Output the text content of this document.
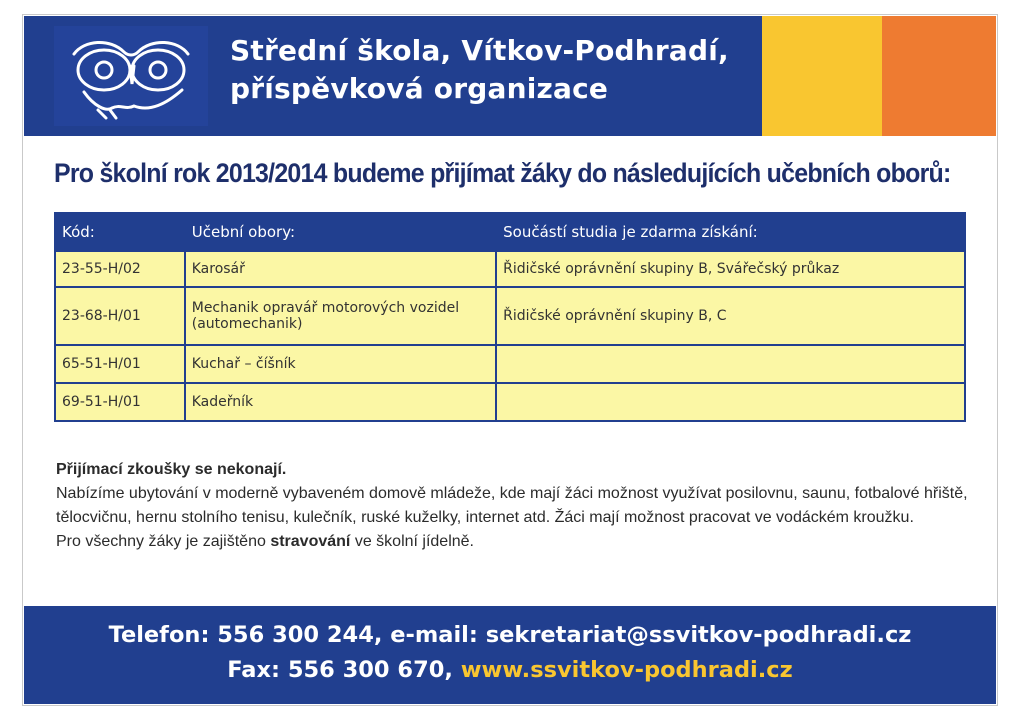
Střední škola, Vítkov-Podhradí,
příspěvková organizace
Pro školní rok 2013/2014 budeme přijímat žáky do následujících učebních oborů:
Kód:	Učební obory:	Součástí studia je zdarma získání:
23-55-H/02	Karosář	Řidičské oprávnění skupiny B, Svářečský průkaz
23-68-H/01	Mechanik opravář motorových vozidel (automechanik)	Řidičské oprávnění skupiny B, C
65-51-H/01	Kuchař – číšník	
69-51-H/01	Kadeřník	
Přijímací zkoušky se nekonají.
Nabízíme ubytování v moderně vybaveném domově mládeže, kde mají žáci možnost využívat posilovnu, saunu, fotbalové hřiště, tělocvičnu, hernu stolního tenisu, kulečník, ruské kuželky, internet atd. Žáci mají možnost pracovat ve vodáckém kroužku.
Pro všechny žáky je zajištěno stravování ve školní jídelně.
Telefon: 556 300 244, e-mail: sekretariat@ssvitkov-podhradi.cz
Fax: 556 300 670, www.ssvitkov-podhradi.cz
